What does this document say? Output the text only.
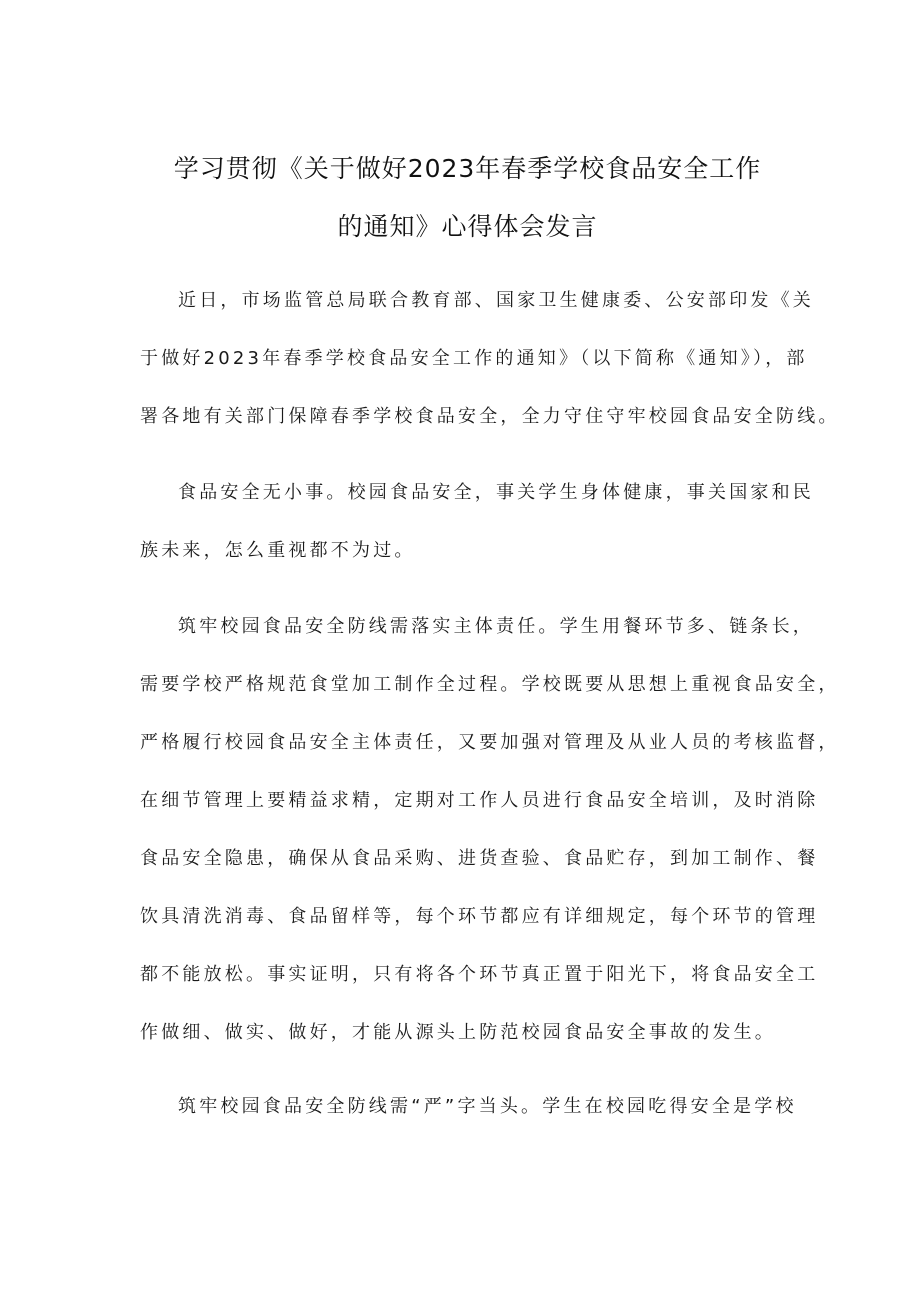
学习贯彻《关于做好2023年春季学校食品安全工作
的通知》心得体会发言

近日，市场监管总局联合教育部、国家卫生健康委、公安部印发《关
于做好2023年春季学校食品安全工作的通知》（以下简称《通知》），部
署各地有关部门保障春季学校食品安全，全力守住守牢校园食品安全防线。

食品安全无小事。校园食品安全，事关学生身体健康，事关国家和民
族未来，怎么重视都不为过。

筑牢校园食品安全防线需落实主体责任。学生用餐环节多、链条长，
需要学校严格规范食堂加工制作全过程。学校既要从思想上重视食品安全，
严格履行校园食品安全主体责任，又要加强对管理及从业人员的考核监督，
在细节管理上要精益求精，定期对工作人员进行食品安全培训，及时消除
食品安全隐患，确保从食品采购、进货查验、食品贮存，到加工制作、餐
饮具清洗消毒、食品留样等，每个环节都应有详细规定，每个环节的管理
都不能放松。事实证明，只有将各个环节真正置于阳光下，将食品安全工
作做细、做实、做好，才能从源头上防范校园食品安全事故的发生。

筑牢校园食品安全防线需“严”字当头。学生在校园吃得安全是学校
